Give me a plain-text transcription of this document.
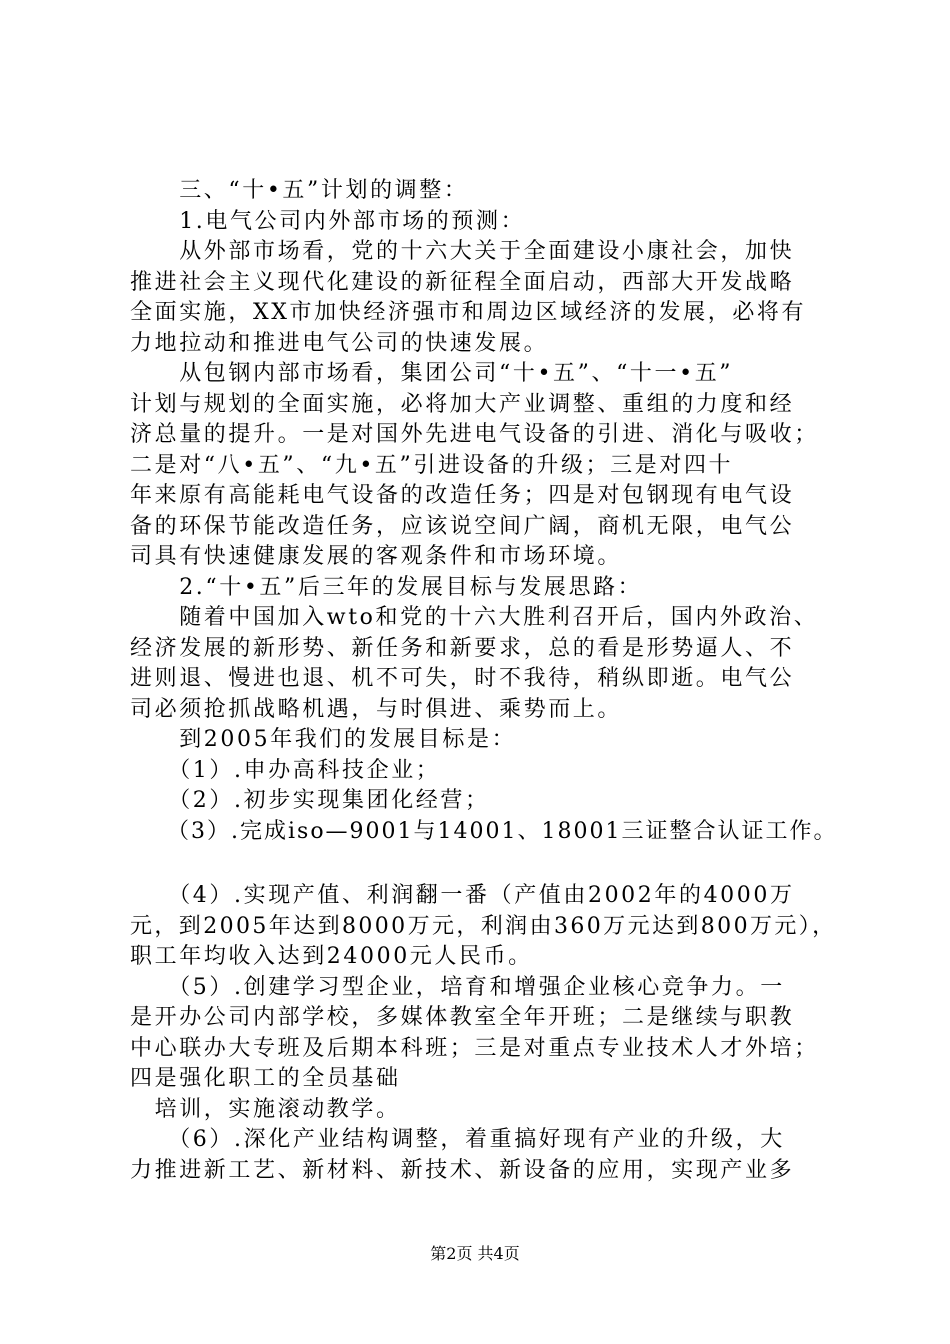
　　三、“十•五”计划的调整：
　　1.电气公司内外部市场的预测：
　　从外部市场看，党的十六大关于全面建设小康社会，加快
推进社会主义现代化建设的新征程全面启动，西部大开发战略
全面实施，XX市加快经济强市和周边区域经济的发展，必将有
力地拉动和推进电气公司的快速发展。
　　从包钢内部市场看，集团公司“十•五”、“十一•五”
计划与规划的全面实施，必将加大产业调整、重组的力度和经
济总量的提升。一是对国外先进电气设备的引进、消化与吸收；
二是对“八•五”、“九•五”引进设备的升级；三是对四十
年来原有高能耗电气设备的改造任务；四是对包钢现有电气设
备的环保节能改造任务，应该说空间广阔，商机无限，电气公
司具有快速健康发展的客观条件和市场环境。
　　2.“十•五”后三年的发展目标与发展思路：
　　随着中国加入wto和党的十六大胜利召开后，国内外政治、
经济发展的新形势、新任务和新要求，总的看是形势逼人、不
进则退、慢进也退、机不可失，时不我待，稍纵即逝。电气公
司必须抢抓战略机遇，与时俱进、乘势而上。
　　到2005年我们的发展目标是：
　　（1）.申办高科技企业；
　　（2）.初步实现集团化经营；
　　（3）.完成iso—9001与14001、18001三证整合认证工作。
　　（4）.实现产值、利润翻一番（产值由2002年的4000万
元，到2005年达到8000万元，利润由360万元达到800万元），
职工年均收入达到24000元人民币。
　　（5）.创建学习型企业，培育和增强企业核心竞争力。一
是开办公司内部学校，多媒体教室全年开班；二是继续与职教
中心联办大专班及后期本科班；三是对重点专业技术人才外培；
四是强化职工的全员基础
　培训，实施滚动教学。
　　（6）.深化产业结构调整，着重搞好现有产业的升级，大
力推进新工艺、新材料、新技术、新设备的应用，实现产业多
第2页 共4页
